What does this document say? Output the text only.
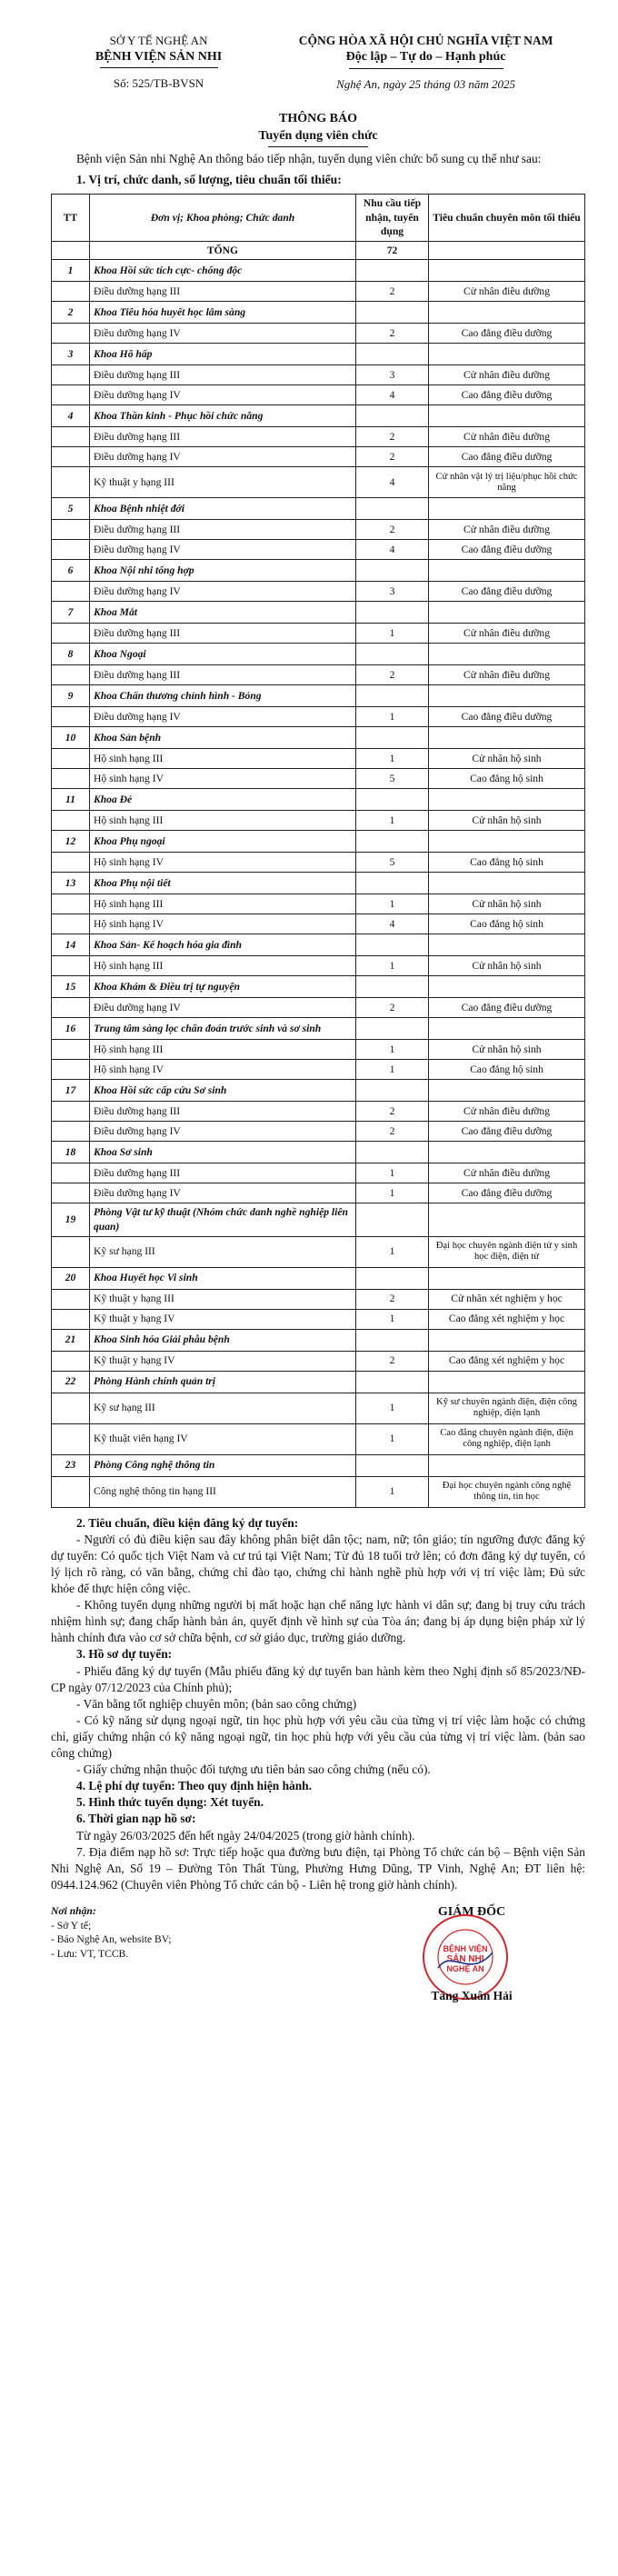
SỞ Y TẾ NGHỆ AN
BỆNH VIỆN SẢN NHI
Số: 525/TB-BVSN
CỘNG HÒA XÃ HỘI CHỦ NGHĨA VIỆT NAM
Độc lập – Tự do – Hạnh phúc
Nghệ An, ngày 25 tháng 03 năm 2025
THÔNG BÁO
Tuyển dụng viên chức

Bệnh viện Sản nhi Nghệ An thông báo tiếp nhận, tuyển dụng viên chức bổ sung cụ thể như sau:

1. Vị trí, chức danh, số lượng, tiêu chuẩn tối thiểu:
TT	Đơn vị; Khoa phòng; Chức danh	Nhu cầu tiếp nhận, tuyển dụng	Tiêu chuẩn chuyên môn tối thiểu
	TỔNG	72	
1	Khoa Hồi sức tích cực- chống độc		
	Điều dưỡng hạng III	2	Cử nhân điều dưỡng
2	Khoa Tiêu hóa huyết học lâm sàng		
	Điều dưỡng hạng IV	2	Cao đẳng điều dưỡng
3	Khoa Hô hấp		
	Điều dưỡng hạng III	3	Cử nhân điều dưỡng
	Điều dưỡng hạng IV	4	Cao đẳng điều dưỡng
4	Khoa Thần kinh - Phục hồi chức năng		
	Điều dưỡng hạng III	2	Cử nhân điều dưỡng
	Điều dưỡng hạng IV	2	Cao đẳng điều dưỡng
	Kỹ thuật y hạng III	4	Cử nhân vật lý trị liệu/phục hồi chức năng
5	Khoa Bệnh nhiệt đới		
	Điều dưỡng hạng III	2	Cử nhân điều dưỡng
	Điều dưỡng hạng IV	4	Cao đẳng điều dưỡng
6	Khoa Nội nhi tổng hợp		
	Điều dưỡng hạng IV	3	Cao đẳng điều dưỡng
7	Khoa Mắt		
	Điều dưỡng hạng III	1	Cử nhân điều dưỡng
8	Khoa Ngoại		
	Điều dưỡng hạng III	2	Cử nhân điều dưỡng
9	Khoa Chấn thương chỉnh hình - Bỏng		
	Điều dưỡng hạng IV	1	Cao đẳng điều dưỡng
10	Khoa Sản bệnh		
	Hộ sinh hạng III	1	Cử nhân hộ sinh
	Hộ sinh hạng IV	5	Cao đẳng hộ sinh
11	Khoa Đẻ		
	Hộ sinh hạng III	1	Cử nhân hộ sinh
12	Khoa Phụ ngoại		
	Hộ sinh hạng IV	5	Cao đẳng hộ sinh
13	Khoa Phụ nội tiết		
	Hộ sinh hạng III	1	Cử nhân hộ sinh
	Hộ sinh hạng IV	4	Cao đẳng hộ sinh
14	Khoa Sản- Kế hoạch hóa gia đình		
	Hộ sinh hạng III	1	Cử nhân hộ sinh
15	Khoa Khám & Điều trị tự nguyện		
	Điều dưỡng hạng IV	2	Cao đẳng điều dưỡng
16	Trung tâm sàng lọc chẩn đoán trước sinh và sơ sinh		
	Hộ sinh hạng III	1	Cử nhân hộ sinh
	Hộ sinh hạng IV	1	Cao đẳng hộ sinh
17	Khoa Hồi sức cấp cứu Sơ sinh		
	Điều dưỡng hạng III	2	Cử nhân điều dưỡng
	Điều dưỡng hạng IV	2	Cao đẳng điều dưỡng
18	Khoa Sơ sinh		
	Điều dưỡng hạng III	1	Cử nhân điều dưỡng
	Điều dưỡng hạng IV	1	Cao đẳng điều dưỡng
19	Phòng Vật tư kỹ thuật (Nhóm chức danh nghề nghiệp liên quan)		
	Kỹ sư hạng III	1	Đại học chuyên ngành điện tử y sinh học điện, điện tử
20	Khoa Huyết học Vi sinh		
	Kỹ thuật y hạng III	2	Cử nhân xét nghiệm y học
	Kỹ thuật y hạng IV	1	Cao đẳng xét nghiệm y học
21	Khoa Sinh hóa Giải phẫu bệnh		
	Kỹ thuật y hạng IV	2	Cao đẳng xét nghiệm y học
22	Phòng Hành chính quản trị		
	Kỹ sư hạng III	1	Kỹ sư chuyên ngành điện, điện công nghiệp, điện lạnh
	Kỹ thuật viên hạng IV	1	Cao đẳng chuyên ngành điện, điện công nghiệp, điện lạnh
23	Phòng Công nghệ thông tin		
	Công nghệ thông tin hạng III	1	Đại học chuyên ngành công nghệ thông tin, tin học
2. Tiêu chuẩn, điều kiện đăng ký dự tuyển:
- Người có đủ điều kiện sau đây không phân biệt dân tộc; nam, nữ; tôn giáo; tín ngưỡng được đăng ký dự tuyển: Có quốc tịch Việt Nam và cư trú tại Việt Nam; Từ đủ 18 tuổi trở lên; có đơn đăng ký dự tuyển, có lý lịch rõ ràng, có văn bằng, chứng chỉ đào tạo, chứng chỉ hành nghề phù hợp với vị trí việc làm; Đủ sức khỏe để thực hiện công việc.
- Không tuyển dụng những người bị mất hoặc hạn chế năng lực hành vi dân sự; đang bị truy cứu trách nhiệm hình sự; đang chấp hành bản án, quyết định về hình sự của Tòa án; đang bị áp dụng biện pháp xử lý hành chính đưa vào cơ sở chữa bệnh, cơ sở giáo dục, trường giáo dưỡng.
3. Hồ sơ dự tuyển:
- Phiếu đăng ký dự tuyển (Mẫu phiếu đăng ký dự tuyển ban hành kèm theo Nghị định số 85/2023/NĐ-CP ngày 07/12/2023 của Chính phủ);
- Văn bằng tốt nghiệp chuyên môn; (bản sao công chứng)
- Có kỹ năng sử dụng ngoại ngữ, tin học phù hợp với yêu cầu của từng vị trí việc làm hoặc có chứng chỉ, giấy chứng nhận có kỹ năng ngoại ngữ, tin học phù hợp với yêu cầu của từng vị trí việc làm. (bản sao công chứng)
- Giấy chứng nhận thuộc đối tượng ưu tiên bản sao công chứng (nếu có).
4. Lệ phí dự tuyển: Theo quy định hiện hành.
5. Hình thức tuyển dụng: Xét tuyển.
6. Thời gian nạp hồ sơ:
Từ ngày 26/03/2025 đến hết ngày 24/04/2025 (trong giờ hành chính).
7. Địa điểm nạp hồ sơ: Trực tiếp hoặc qua đường bưu điện, tại Phòng Tổ chức cán bộ – Bệnh viện Sản Nhi Nghệ An, Số 19 – Đường Tôn Thất Tùng, Phường Hưng Dũng, TP Vinh, Nghệ An; ĐT liên hệ: 0944.124.962 (Chuyên viên Phòng Tổ chức cán bộ - Liên hệ trong giờ hành chính).
Nơi nhận:
- Sở Y tế;
- Báo Nghệ An, website BV;
- Lưu: VT, TCCB.
GIÁM ĐỐC
BỆNH VIỆN
SẢN NHI
NGHỆ AN
Tăng Xuân Hải
